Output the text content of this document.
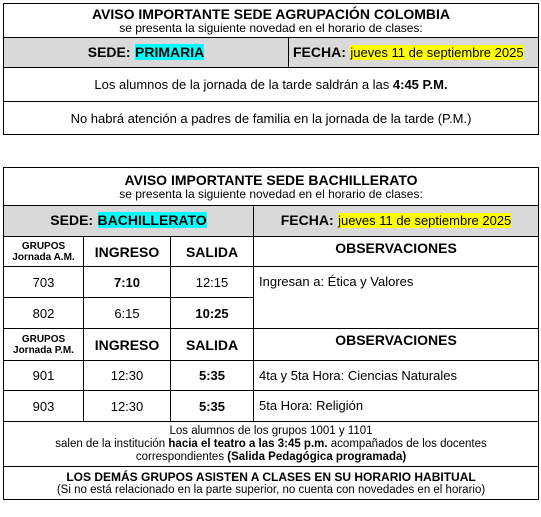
AVISO IMPORTANTE SEDE AGRUPACIÓN COLOMBIA
se presenta la siguiente novedad en el horario de clases:

SEDE: PRIMARIA	FECHA: jueves 11 de septiembre 2025
Los alumnos de la jornada de la tarde saldrán a las 4:45 P.M.
No habrá atención a padres de familia en la jornada de la tarde (P.M.)
AVISO IMPORTANTE SEDE BACHILLERATO
se presenta la siguiente novedad en el horario de clases:			

SEDE: BACHILLERATO			FECHA: jueves 11 de septiembre 2025

GRUPOS
Jornada A.M.	INGRESO	SALIDA	OBSERVACIONES
703	7:10	12:15	Ingresan a: Ética y Valores
802	6:15	10:25	

GRUPOS
Jornada P.M.	INGRESO	SALIDA	OBSERVACIONES
901	12:30	5:35	4ta y 5ta Hora: Ciencias Naturales
903	12:30	5:35	5ta Hora: Religión

Los alumnos de los grupos 1001 y 1101
salen de la institución hacia el teatro a las 3:45 p.m. acompañados de los docentes
correspondientes (Salida Pedagógica programada)			

LOS DEMÁS GRUPOS ASISTEN A CLASES EN SU HORARIO HABITUAL
(Si no está relacionado en la parte superior, no cuenta con novedades en el horario)			
